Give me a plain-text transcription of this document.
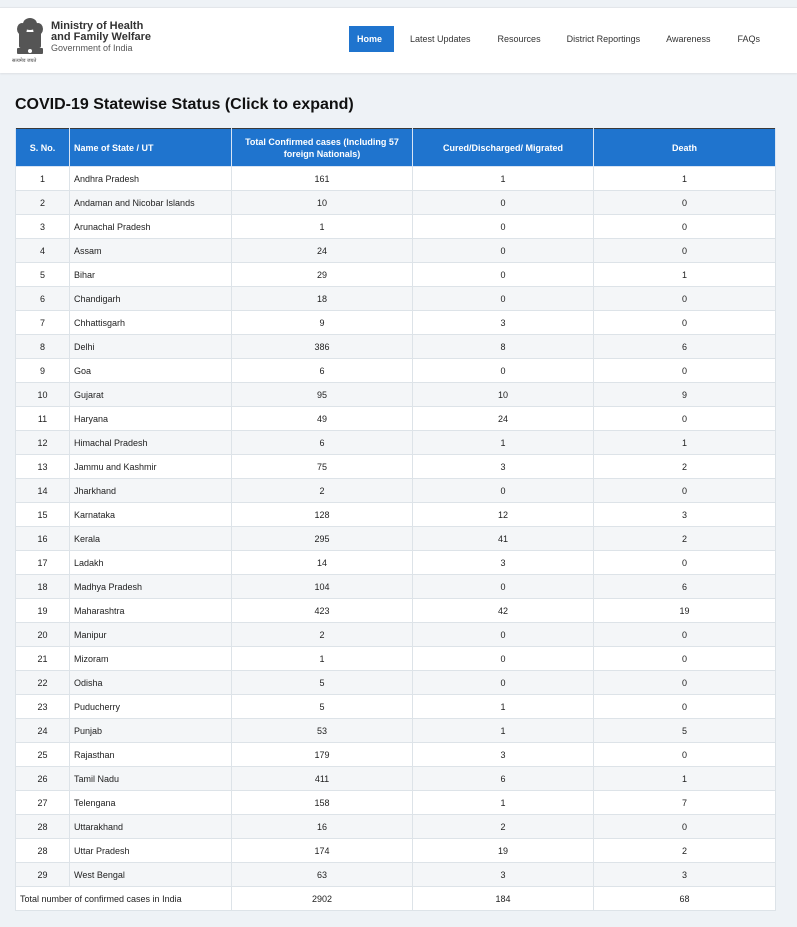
सत्यमेव जयते
Ministry of Health
and Family Welfare
Government of India
Home	Latest Updates	Resources	District Reportings	Awareness	FAQs
COVID-19 Statewise Status (Click to expand)
S. No.	Name of State / UT	Total Confirmed cases (Including 57 foreign Nationals)	Cured/Discharged/ Migrated	Death
1	Andhra Pradesh	161	1	1
2	Andaman and Nicobar Islands	10	0	0
3	Arunachal Pradesh	1	0	0
4	Assam	24	0	0
5	Bihar	29	0	1
6	Chandigarh	18	0	0
7	Chhattisgarh	9	3	0
8	Delhi	386	8	6
9	Goa	6	0	0
10	Gujarat	95	10	9
11	Haryana	49	24	0
12	Himachal Pradesh	6	1	1
13	Jammu and Kashmir	75	3	2
14	Jharkhand	2	0	0
15	Karnataka	128	12	3
16	Kerala	295	41	2
17	Ladakh	14	3	0
18	Madhya Pradesh	104	0	6
19	Maharashtra	423	42	19
20	Manipur	2	0	0
21	Mizoram	1	0	0
22	Odisha	5	0	0
23	Puducherry	5	1	0
24	Punjab	53	1	5
25	Rajasthan	179	3	0
26	Tamil Nadu	411	6	1
27	Telengana	158	1	7
28	Uttarakhand	16	2	0
28	Uttar Pradesh	174	19	2
29	West Bengal	63	3	3
Total number of confirmed cases in India		2902	184	68
